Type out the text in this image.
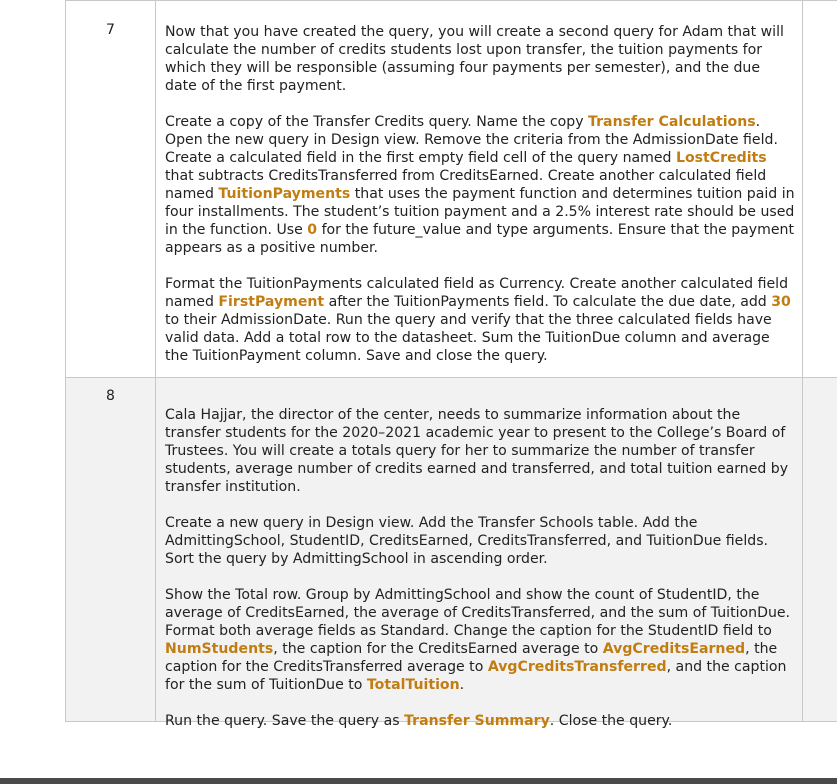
7	Now that you have created the query, you will create a second query for Adam that will calculate the number of credits students lost upon transfer, the tuition payments for which they will be responsible (assuming four payments per semester), and the due date of the first payment.

Create a copy of the Transfer Credits query. Name the copy Transfer Calculations. Open the new query in Design view. Remove the criteria from the AdmissionDate field. Create a calculated field in the first empty field cell of the query named LostCredits that subtracts CreditsTransferred from CreditsEarned. Create another calculated field named TuitionPayments that uses the payment function and determines tuition paid in four installments. The student’s tuition payment and a 2.5% interest rate should be used in the function. Use 0 for the future_value and type arguments. Ensure that the payment appears as a positive number.

Format the TuitionPayments calculated field as Currency. Create another calculated field named FirstPayment after the TuitionPayments field. To calculate the due date, add 30 to their AdmissionDate. Run the query and verify that the three calculated fields have valid data. Add a total row to the datasheet. Sum the TuitionDue column and average the TuitionPayment column. Save and close the query.

8

Cala Hajjar, the director of the center, needs to summarize information about the transfer students for the 2020–2021 academic year to present to the College’s Board of Trustees. You will create a totals query for her to summarize the number of transfer students, average number of credits earned and transferred, and total tuition earned by transfer institution.

Create a new query in Design view. Add the Transfer Schools table. Add the AdmittingSchool, StudentID, CreditsEarned, CreditsTransferred, and TuitionDue fields. Sort the query by AdmittingSchool in ascending order.

Show the Total row. Group by AdmittingSchool and show the count of StudentID, the average of CreditsEarned, the average of CreditsTransferred, and the sum of TuitionDue. Format both average fields as Standard. Change the caption for the StudentID field to NumStudents, the caption for the CreditsEarned average to AvgCreditsEarned, the caption for the CreditsTransferred average to AvgCreditsTransferred, and the caption for the sum of TuitionDue to TotalTuition.

Run the query. Save the query as Transfer Summary. Close the query.
